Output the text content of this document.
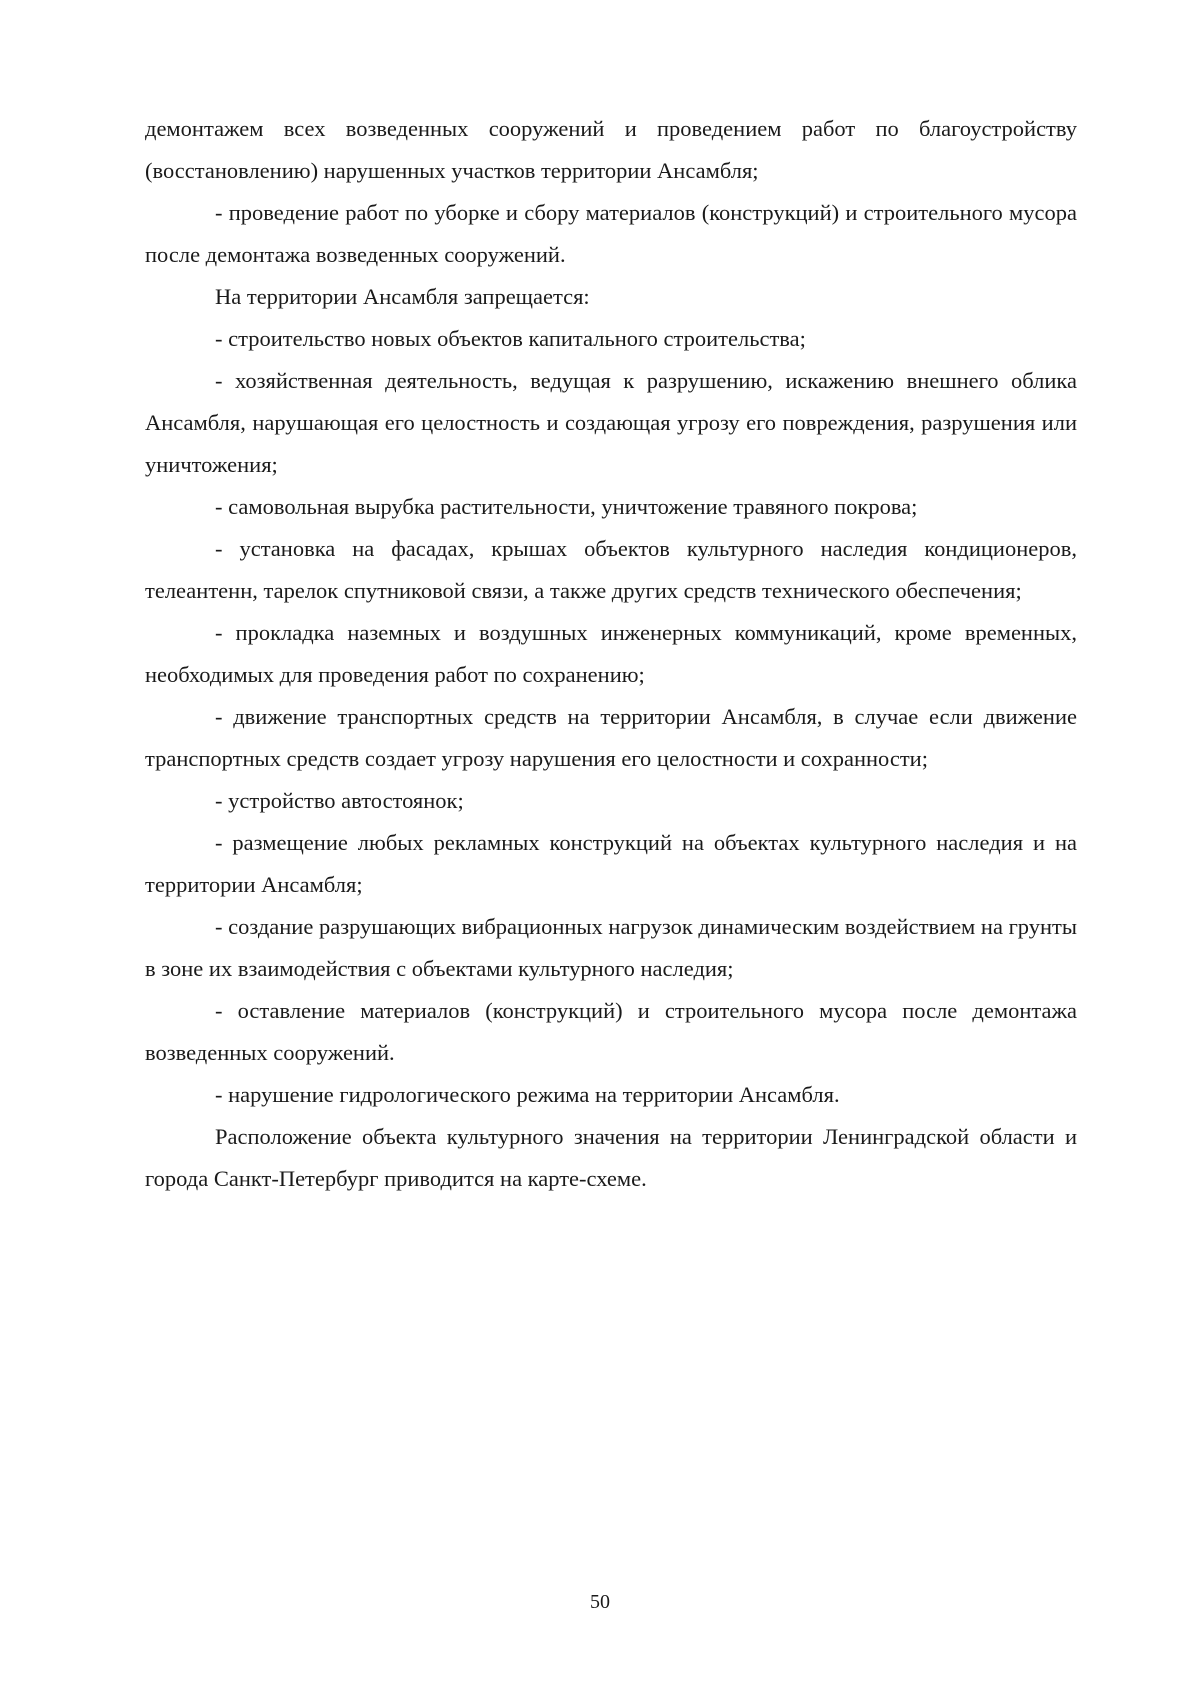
демонтажем всех возведенных сооружений и проведением работ по благоустройству (восстановлению) нарушенных участков территории Ансамбля;

- проведение работ по уборке и сбору материалов (конструкций) и строительного мусора после демонтажа возведенных сооружений.

На территории Ансамбля запрещается:

- строительство новых объектов капитального строительства;

- хозяйственная деятельность, ведущая к разрушению, искажению внешнего облика Ансамбля, нарушающая его целостность и создающая угрозу его повреждения, разрушения или уничтожения;

- самовольная вырубка растительности, уничтожение травяного покрова;

- установка на фасадах, крышах объектов культурного наследия кондиционеров, телеантенн, тарелок спутниковой связи, а также других средств технического обеспечения;

- прокладка наземных и воздушных инженерных коммуникаций, кроме временных, необходимых для проведения работ по сохранению;

- движение транспортных средств на территории Ансамбля, в случае если движение транспортных средств создает угрозу нарушения его целостности и сохранности;

- устройство автостоянок;

- размещение любых рекламных конструкций на объектах культурного наследия и на территории Ансамбля;

- создание разрушающих вибрационных нагрузок динамическим воздействием на грунты в зоне их взаимодействия с объектами культурного наследия;

- оставление материалов (конструкций) и строительного мусора после демонтажа возведенных сооружений.

- нарушение гидрологического режима на территории Ансамбля.

Расположение объекта культурного значения на территории Ленинградской области и города Санкт-Петербург приводится на карте-схеме.

50
